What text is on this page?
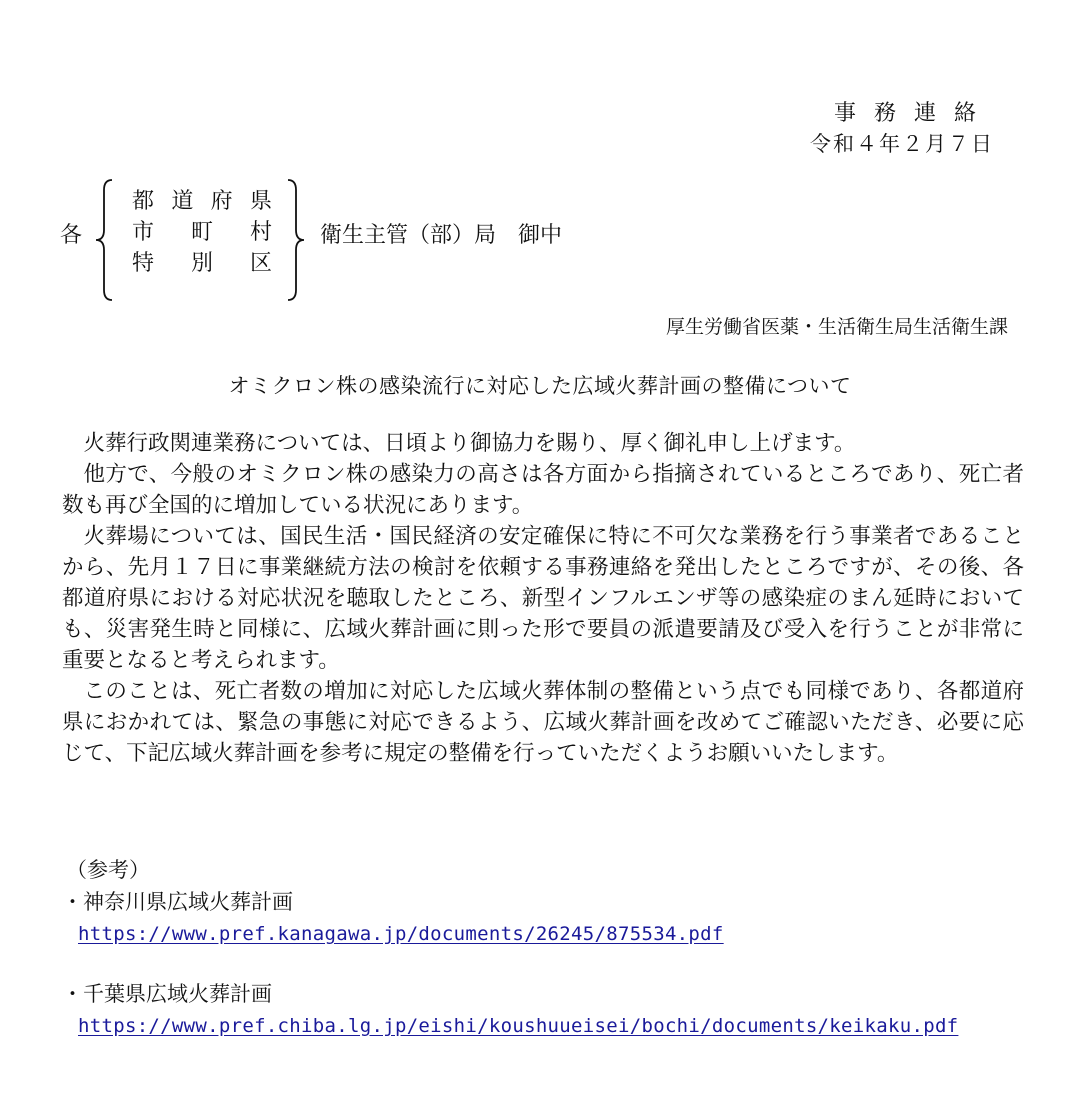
事務連絡
令和４年２月７日
各
都 道 府 県
市 町 村
特 別 区
衛生主管（部）局　御中
厚生労働省医薬・生活衛生局生活衛生課
オミクロン株の感染流行に対応した広域火葬計画の整備について

火葬行政関連業務については、日頃より御協力を賜り、厚く御礼申し上げます。

他方で、今般のオミクロン株の感染力の高さは各方面から指摘されているところであり、死亡者数も再び全国的に増加している状況にあります。

火葬場については、国民生活・国民経済の安定確保に特に不可欠な業務を行う事業者であることから、先月１７日に事業継続方法の検討を依頼する事務連絡を発出したところですが、その後、各都道府県における対応状況を聴取したところ、新型インフルエンザ等の感染症のまん延時においても、災害発生時と同様に、広域火葬計画に則った形で要員の派遣要請及び受入を行うことが非常に重要となると考えられます。

このことは、死亡者数の増加に対応した広域火葬体制の整備という点でも同様であり、各都道府県におかれては、緊急の事態に対応できるよう、広域火葬計画を改めてご確認いただき、必要に応じて、下記広域火葬計画を参考に規定の整備を行っていただくようお願いいたします。

（参考）
・神奈川県広域火葬計画
https://www.pref.kanagawa.jp/documents/26245/875534.pdf
・千葉県広域火葬計画
https://www.pref.chiba.lg.jp/eishi/koushuueisei/bochi/documents/keikaku.pdf
